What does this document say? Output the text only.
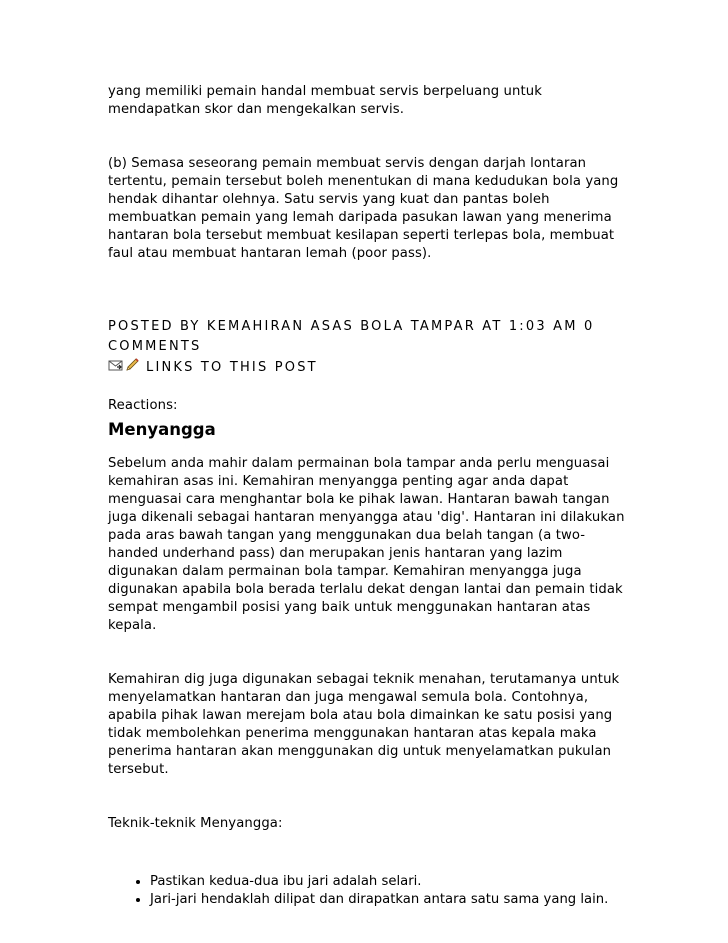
yang memiliki pemain handal membuat servis berpeluang untuk mendapatkan skor dan mengekalkan servis.

(b) Semasa seseorang pemain membuat servis dengan darjah lontaran tertentu, pemain tersebut boleh menentukan di mana kedudukan bola yang hendak dihantar olehnya. Satu servis yang kuat dan pantas boleh membuatkan pemain yang lemah daripada pasukan lawan yang menerima hantaran bola tersebut membuat kesilapan seperti terlepas bola, membuat faul atau membuat hantaran lemah (poor pass).

POSTED BY KEMAHIRAN ASAS BOLA TAMPAR AT 1:03 AM 0 COMMENTS
LINKS TO THIS POST

Reactions:

Menyangga

Sebelum anda mahir dalam permainan bola tampar anda perlu menguasai kemahiran asas ini. Kemahiran menyangga penting agar anda dapat menguasai cara menghantar bola ke pihak lawan. Hantaran bawah tangan juga dikenali sebagai hantaran menyangga atau 'dig'. Hantaran ini dilakukan pada aras bawah tangan yang menggunakan dua belah tangan (a two-handed underhand pass) dan merupakan jenis hantaran yang lazim digunakan dalam permainan bola tampar. Kemahiran menyangga juga digunakan apabila bola berada terlalu dekat dengan lantai dan pemain tidak sempat mengambil posisi yang baik untuk menggunakan hantaran atas kepala.

Kemahiran dig juga digunakan sebagai teknik menahan, terutamanya untuk menyelamatkan hantaran dan juga mengawal semula bola. Contohnya, apabila pihak lawan merejam bola atau bola dimainkan ke satu posisi yang tidak membolehkan penerima menggunakan hantaran atas kepala maka penerima hantaran akan menggunakan dig untuk menyelamatkan pukulan tersebut.

Teknik-teknik Menyangga:

• Pastikan kedua-dua ibu jari adalah selari.
• Jari-jari hendaklah dilipat dan dirapatkan antara satu sama yang lain.
